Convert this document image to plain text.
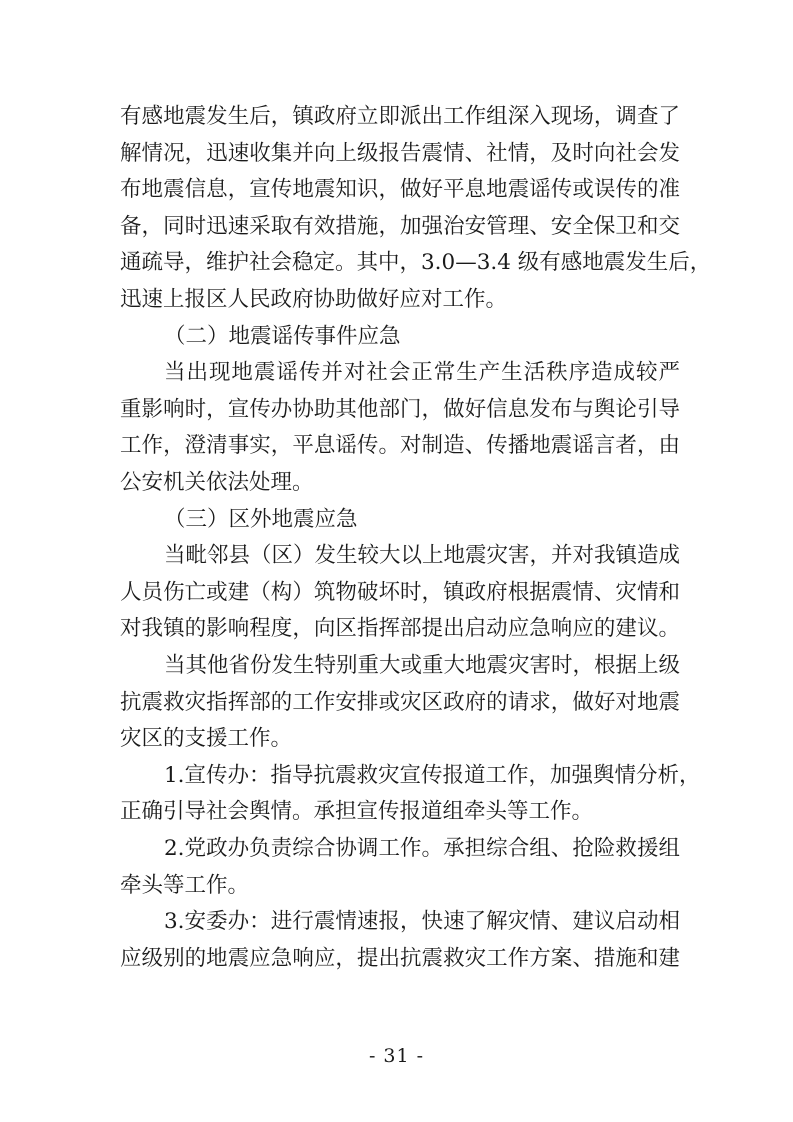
有感地震发生后，镇政府立即派出工作组深入现场，调查了
解情况，迅速收集并向上级报告震情、社情，及时向社会发
布地震信息，宣传地震知识，做好平息地震谣传或误传的准
备，同时迅速采取有效措施，加强治安管理、安全保卫和交
通疏导，维护社会稳定。其中，3.0—3.4 级有感地震发生后，
迅速上报区人民政府协助做好应对工作。
（二）地震谣传事件应急
当出现地震谣传并对社会正常生产生活秩序造成较严
重影响时，宣传办协助其他部门，做好信息发布与舆论引导
工作，澄清事实，平息谣传。对制造、传播地震谣言者，由
公安机关依法处理。
（三）区外地震应急
当毗邻县（区）发生较大以上地震灾害，并对我镇造成
人员伤亡或建（构）筑物破坏时，镇政府根据震情、灾情和
对我镇的影响程度，向区指挥部提出启动应急响应的建议。
当其他省份发生特别重大或重大地震灾害时，根据上级
抗震救灾指挥部的工作安排或灾区政府的请求，做好对地震
灾区的支援工作。
1.宣传办：指导抗震救灾宣传报道工作，加强舆情分析，
正确引导社会舆情。承担宣传报道组牵头等工作。
2.党政办负责综合协调工作。承担综合组、抢险救援组
牵头等工作。
3.安委办：进行震情速报，快速了解灾情、建议启动相
应级别的地震应急响应，提出抗震救灾工作方案、措施和建
- 31 -
